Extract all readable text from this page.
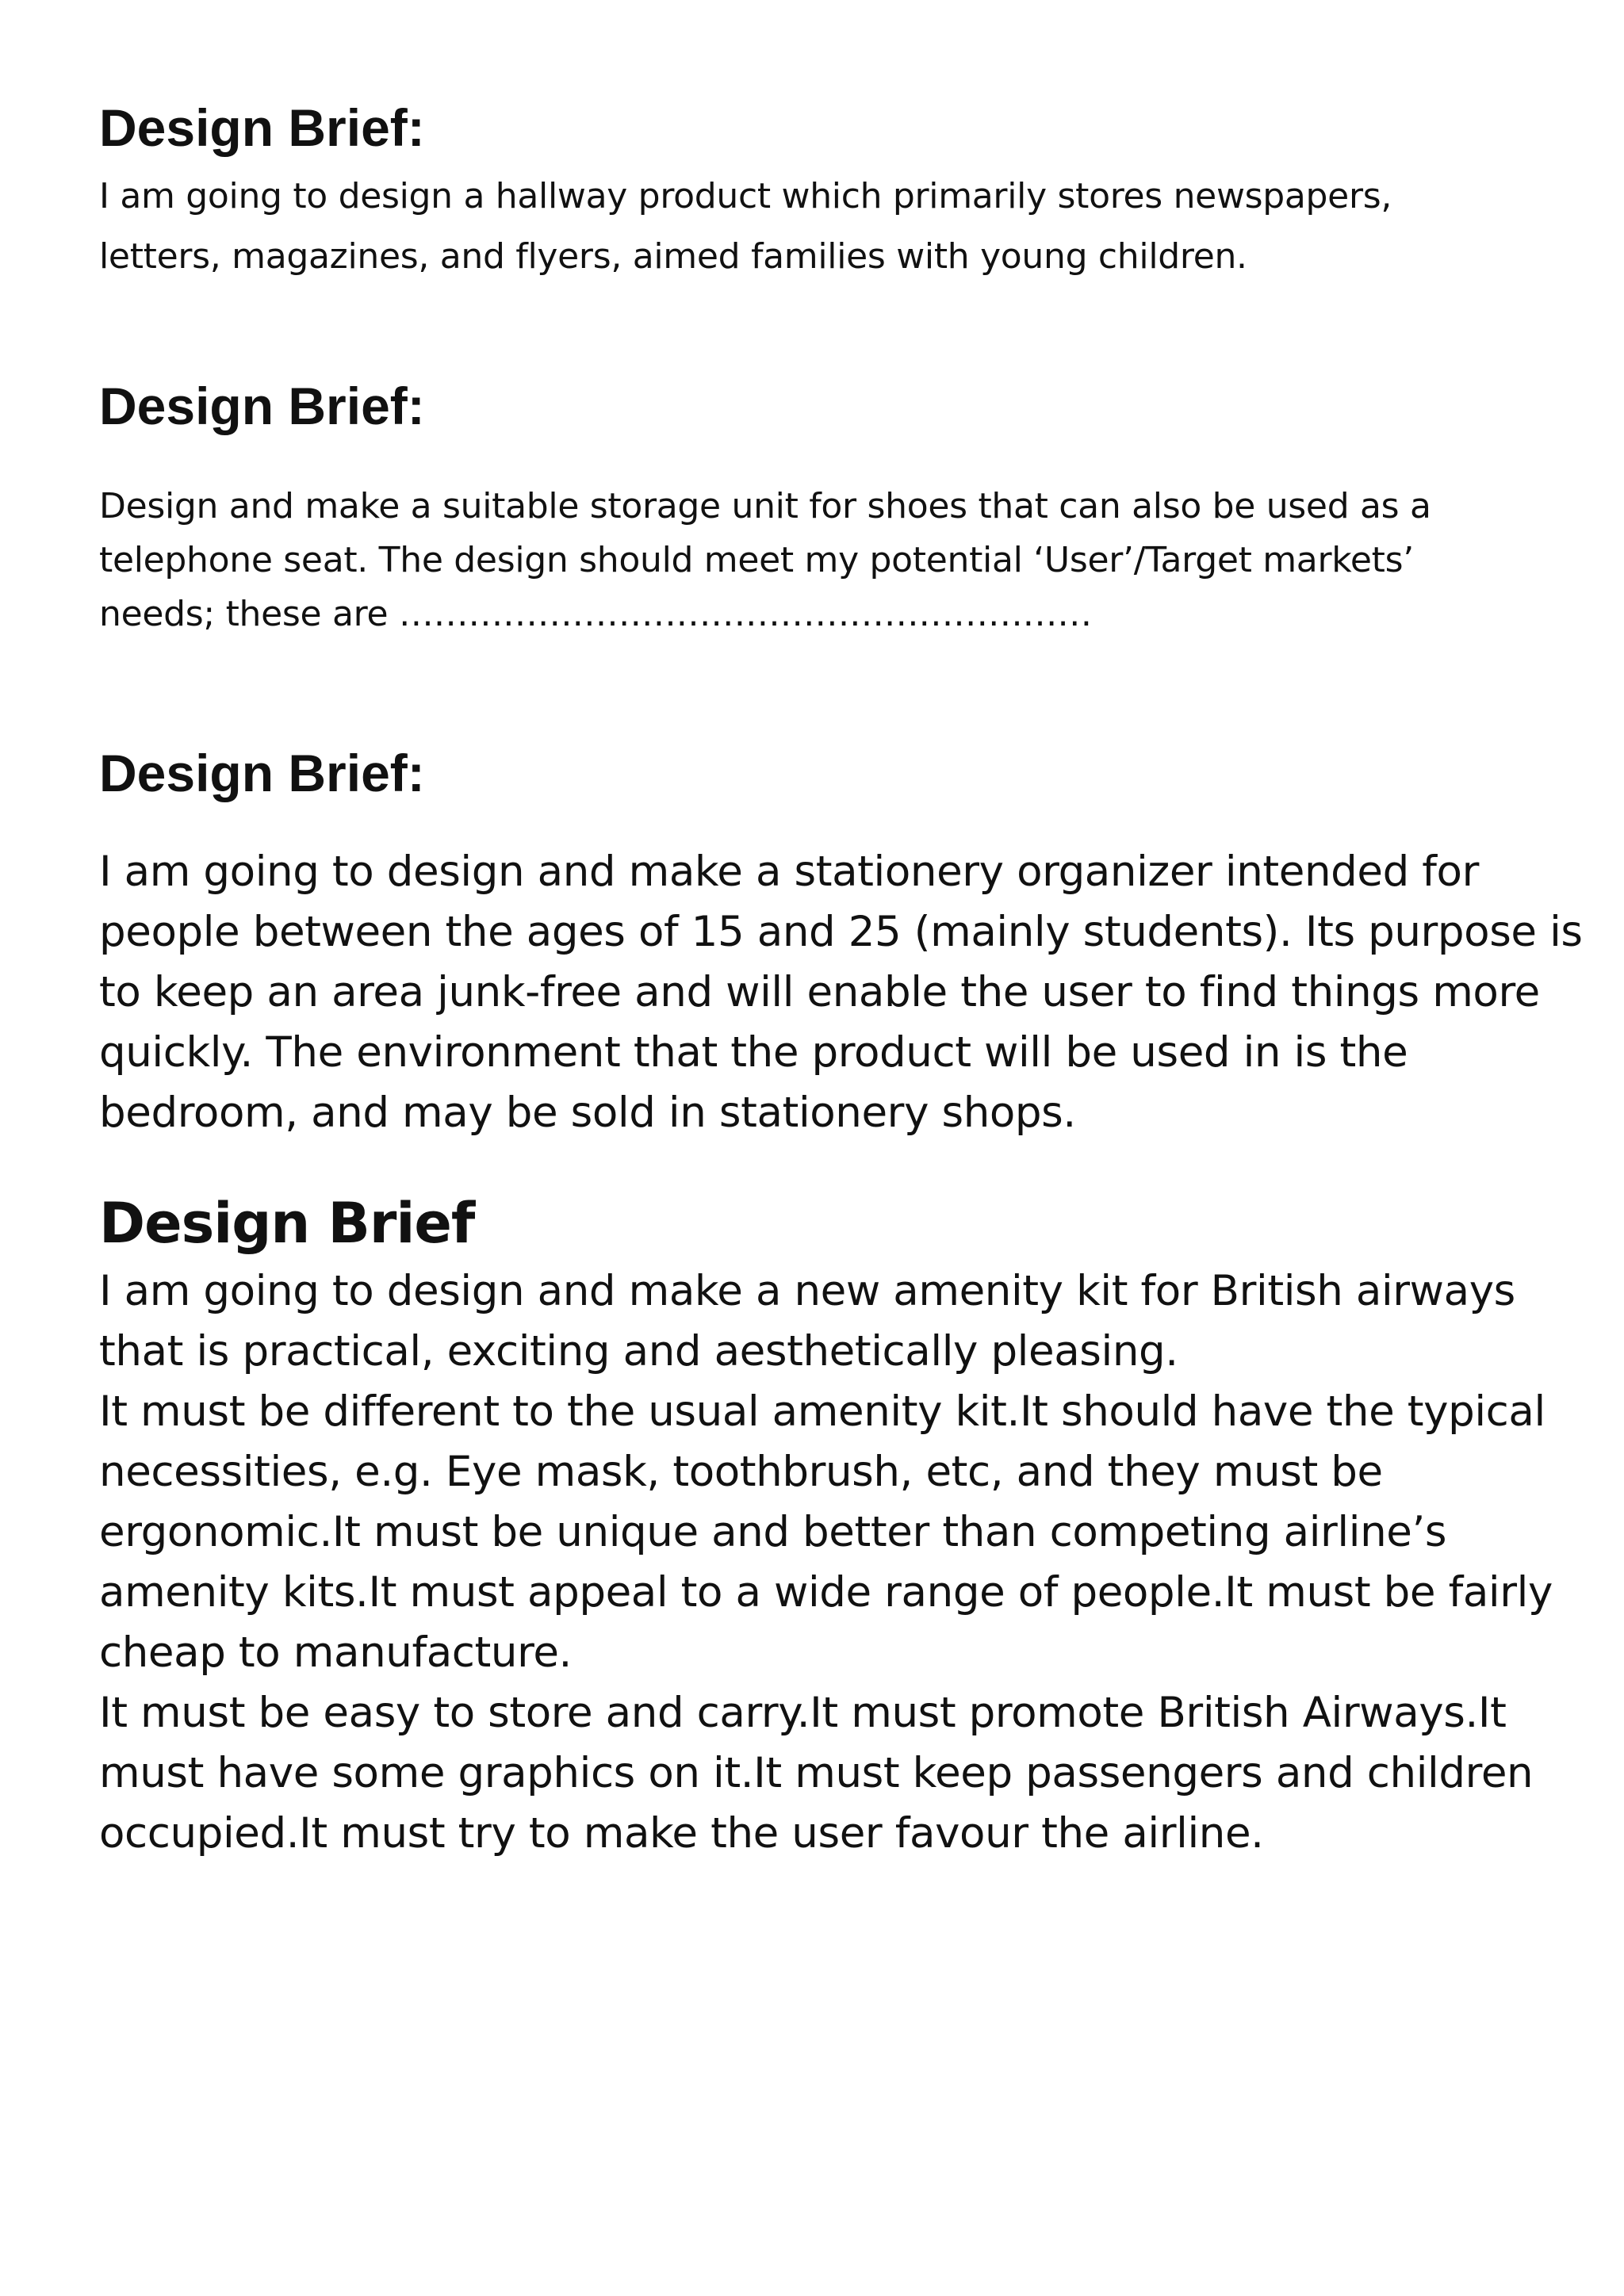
Design Brief:

I am going to design a hallway product which primarily stores newspapers,
letters, magazines, and flyers, aimed families with young children.

Design Brief:

Design and make a suitable storage unit for shoes that can also be used as a
telephone seat. The design should meet my potential ‘User’/Target markets’
needs; these are ……………………………………………………

Design Brief:

I am going to design and make a stationery organizer intended for
people between the ages of 15 and 25 (mainly students). Its purpose is
to keep an area junk-free and will enable the user to find things more
quickly. The environment that the product will be used in is the
bedroom, and may be sold in stationery shops.

Design Brief

I am going to design and make a new amenity kit for British airways
that is practical, exciting and aesthetically pleasing.
It must be different to the usual amenity kit.It should have the typical
necessities, e.g. Eye mask, toothbrush, etc, and they must be
ergonomic.It must be unique and better than competing airline’s
amenity kits.It must appeal to a wide range of people.It must be fairly
cheap to manufacture.
It must be easy to store and carry.It must promote British Airways.It
must have some graphics on it.It must keep passengers and children
occupied.It must try to make the user favour the airline.
